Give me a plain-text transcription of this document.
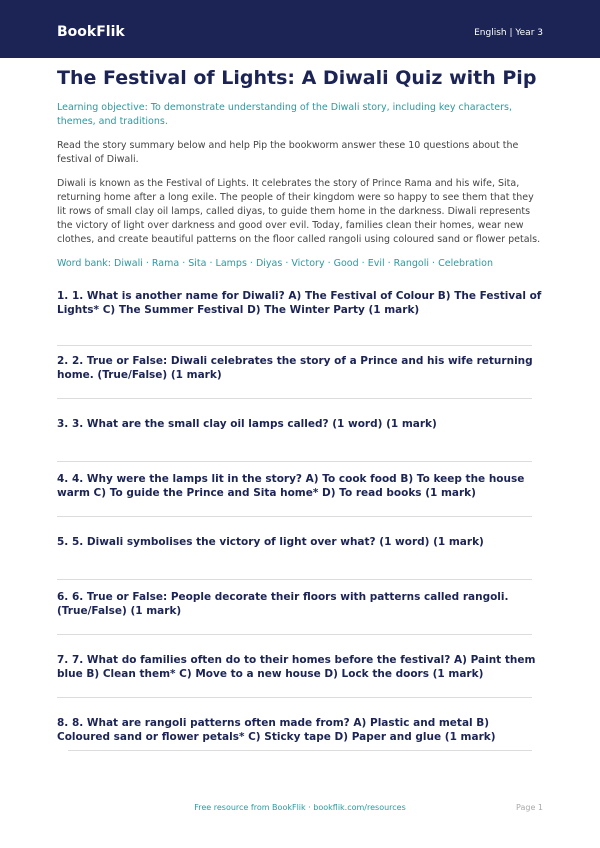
BookFlik	English | Year 3
The Festival of Lights: A Diwali Quiz with Pip

Learning objective: To demonstrate understanding of the Diwali story, including key characters, themes, and traditions.

Read the story summary below and help Pip the bookworm answer these 10 questions about the festival of Diwali.

Diwali is known as the Festival of Lights. It celebrates the story of Prince Rama and his wife, Sita, returning home after a long exile. The people of their kingdom were so happy to see them that they lit rows of small clay oil lamps, called diyas, to guide them home in the darkness. Diwali represents the victory of light over darkness and good over evil. Today, families clean their homes, wear new clothes, and create beautiful patterns on the floor called rangoli using coloured sand or flower petals.

Word bank: Diwali · Rama · Sita · Lamps · Diyas · Victory · Good · Evil · Rangoli · Celebration

1. 1. What is another name for Diwali? A) The Festival of Colour B) The Festival of Lights* C) The Summer Festival D) The Winter Party (1 mark)

2. 2. True or False: Diwali celebrates the story of a Prince and his wife returning home. (True/False) (1 mark)

3. 3. What are the small clay oil lamps called? (1 word) (1 mark)

4. 4. Why were the lamps lit in the story? A) To cook food B) To keep the house warm C) To guide the Prince and Sita home* D) To read books (1 mark)

5. 5. Diwali symbolises the victory of light over what? (1 word) (1 mark)

6. 6. True or False: People decorate their floors with patterns called rangoli. (True/False) (1 mark)

7. 7. What do families often do to their homes before the festival? A) Paint them blue B) Clean them* C) Move to a new house D) Lock the doors (1 mark)

8. 8. What are rangoli patterns often made from? A) Plastic and metal B) Coloured sand or flower petals* C) Sticky tape D) Paper and glue (1 mark)

Free resource from BookFlik · bookflik.com/resources	Page 1
